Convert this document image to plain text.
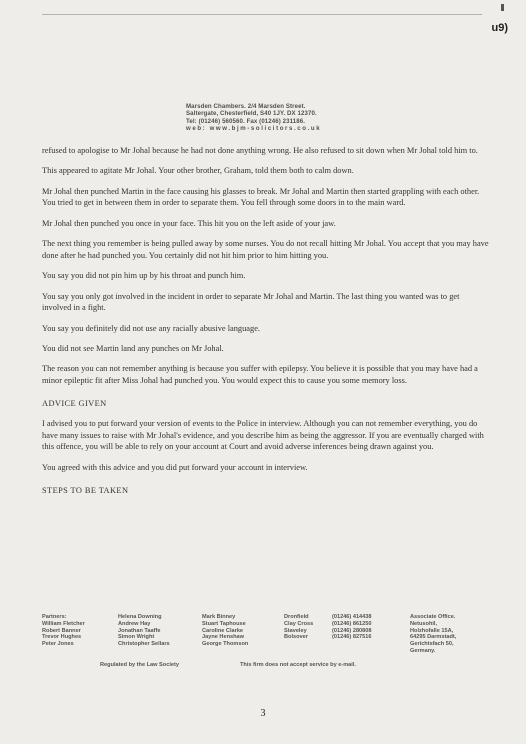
u9)
Marsden Chambers. 2/4 Marsden Street.
Saltergate, Chesterfield, S40 1JY. DX 12370.
Tel: (01246) 560560. Fax (01246) 231186.
web: www.bjm-solicitors.co.uk

refused to apologise to Mr Johal because he had not done anything wrong. He also refused to sit down when Mr Johal told him to.

This appeared to agitate Mr Johal. Your other brother, Graham, told them both to calm down.

Mr Johal then punched Martin in the face causing his glasses to break. Mr Johal and Martin then started grappling with each other. You tried to get in between them in order to separate them. You fell through some doors in to the main ward.

Mr Johal then punched you once in your face. This hit you on the left aside of your jaw.

The next thing you remember is being pulled away by some nurses. You do not recall hitting Mr Johal. You accept that you may have done after he had punched you. You certainly did not hit him prior to him hitting you.

You say you did not pin him up by his throat and punch him.

You say you only got involved in the incident in order to separate Mr Johal and Martin. The last thing you wanted was to get involved in a fight.

You say you definitely did not use any racially abusive language.

You did not see Martin land any punches on Mr Johal.

The reason you can not remember anything is because you suffer with epilepsy. You believe it is possible that you may have had a minor epileptic fit after Miss Johal had punched you. You would expect this to cause you some memory loss.

ADVICE GIVEN

I advised you to put forward your version of events to the Police in interview. Although you can not remember everything, you do have many issues to raise with Mr Johal's evidence, and you describe him as being the aggressor. If you are eventually charged with this offence, you will be able to rely on your account at Court and avoid adverse inferences being drawn against you.

You agreed with this advice and you did put forward your account in interview.

STEPS TO BE TAKEN
Partners:
William Fletcher
Robert Banner
Trevor Hughes
Peter Jones
Helena Downing
Andrew Hay
Jonathan Taaffe
Simon Wright
Christopher Sellars
Mark Binney
Stuart Taphouse
Caroline Clarke
Jayne Henshaw
George Thomson
Dronfield
Clay Cross
Staveley
Bolsover
(01246) 414438
(01246) 861250
(01246) 280808
(01246) 827516
Associate Office.
Netusohil,
Holzhofalle 15A,
64295 Darmstadt,
Gerichtsfach 50,
Germany.
Regulated by the Law Society	This firm does not accept service by e-mail.
3
